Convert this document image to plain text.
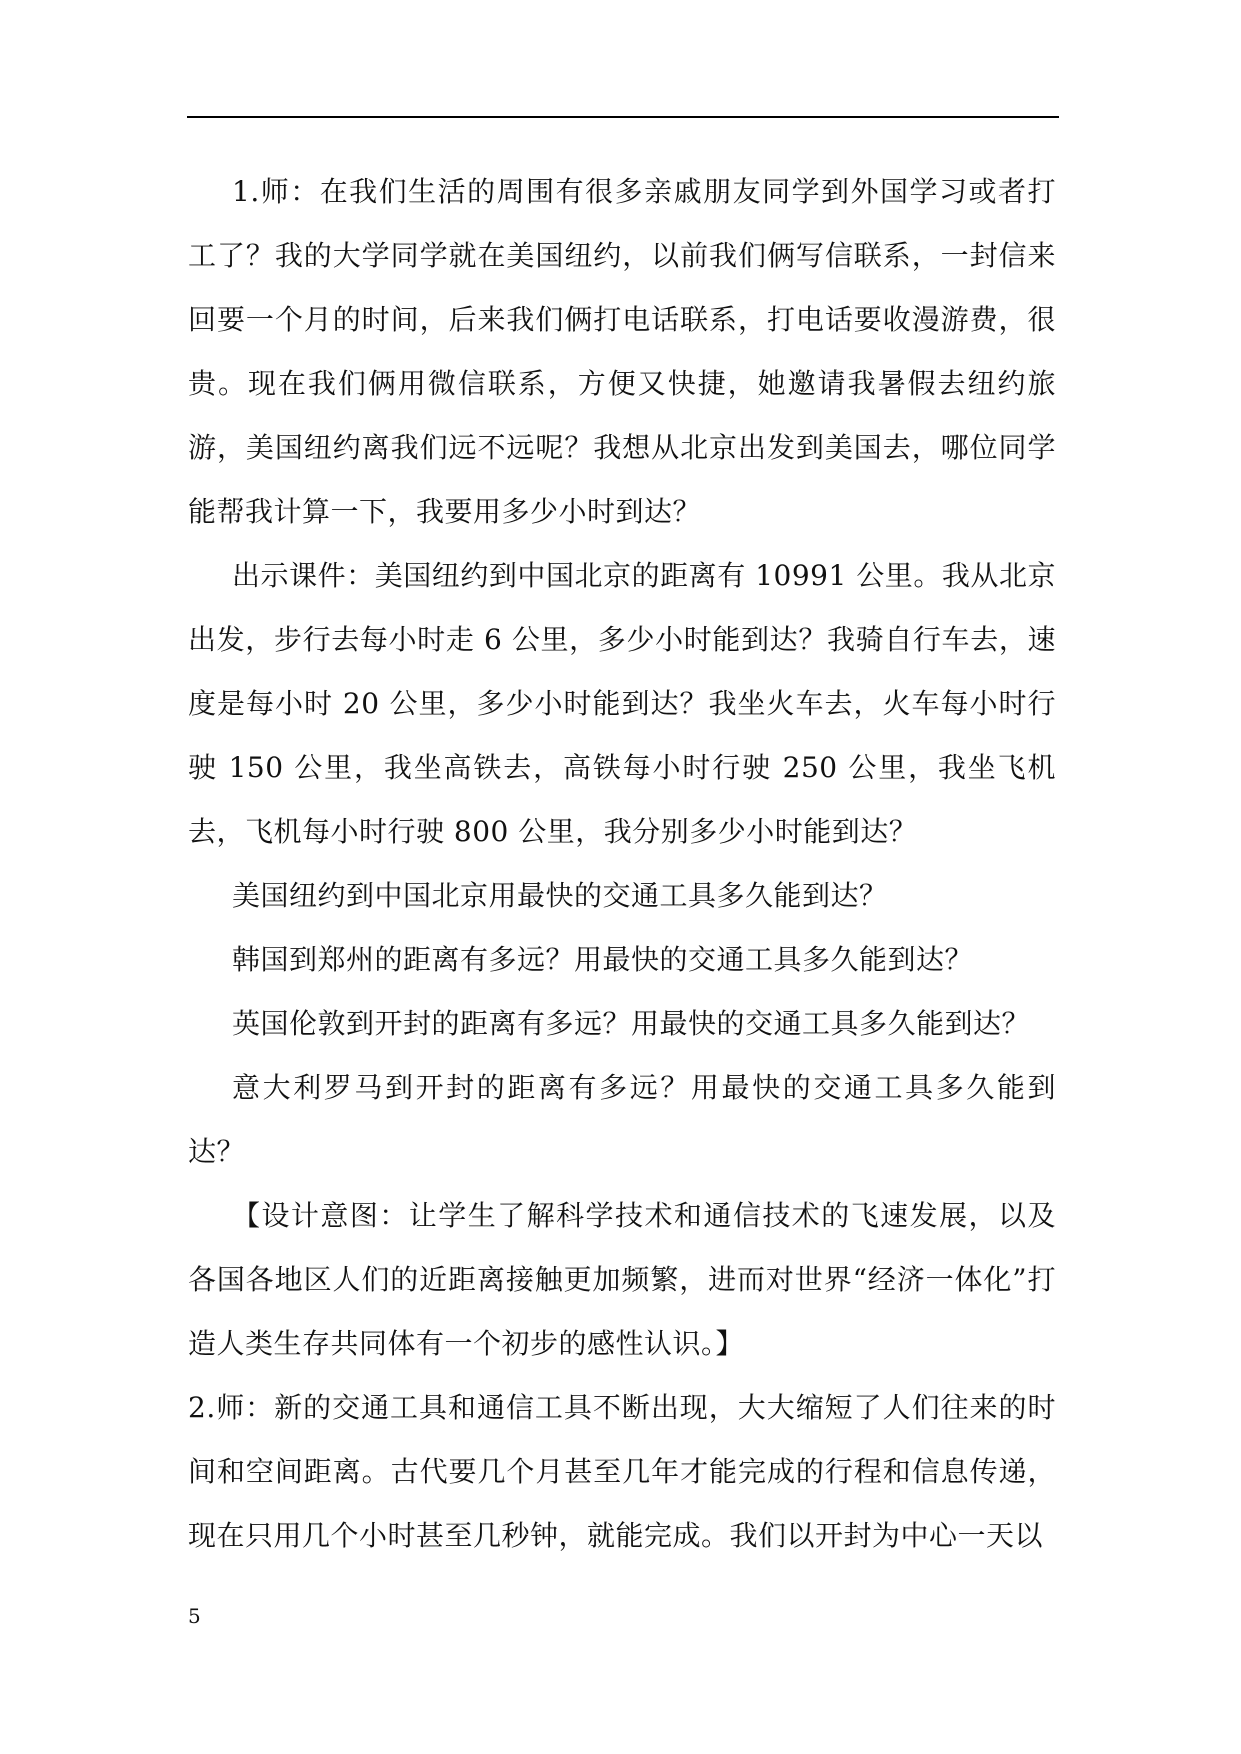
1.师：在我们生活的周围有很多亲戚朋友同学到外国学习或者打工了？我的大学同学就在美国纽约，以前我们俩写信联系，一封信来回要一个月的时间，后来我们俩打电话联系，打电话要收漫游费，很贵。现在我们俩用微信联系，方便又快捷，她邀请我暑假去纽约旅游，美国纽约离我们远不远呢？我想从北京出发到美国去，哪位同学能帮我计算一下，我要用多少小时到达？

出示课件：美国纽约到中国北京的距离有 10991 公里。我从北京出发，步行去每小时走 6 公里，多少小时能到达？我骑自行车去，速度是每小时 20 公里，多少小时能到达？我坐火车去，火车每小时行驶 150 公里，我坐高铁去，高铁每小时行驶 250 公里，我坐飞机去，飞机每小时行驶 800 公里，我分别多少小时能到达？

美国纽约到中国北京用最快的交通工具多久能到达？

韩国到郑州的距离有多远？用最快的交通工具多久能到达？

英国伦敦到开封的距离有多远？用最快的交通工具多久能到达？

意大利罗马到开封的距离有多远？用最快的交通工具多久能到达？

【设计意图：让学生了解科学技术和通信技术的飞速发展，以及各国各地区人们的近距离接触更加频繁，进而对世界“经济一体化”打造人类生存共同体有一个初步的感性认识。】

2.师：新的交通工具和通信工具不断出现，大大缩短了人们往来的时间和空间距离。古代要几个月甚至几年才能完成的行程和信息传递，现在只用几个小时甚至几秒钟，就能完成。我们以开封为中心一天以

5
